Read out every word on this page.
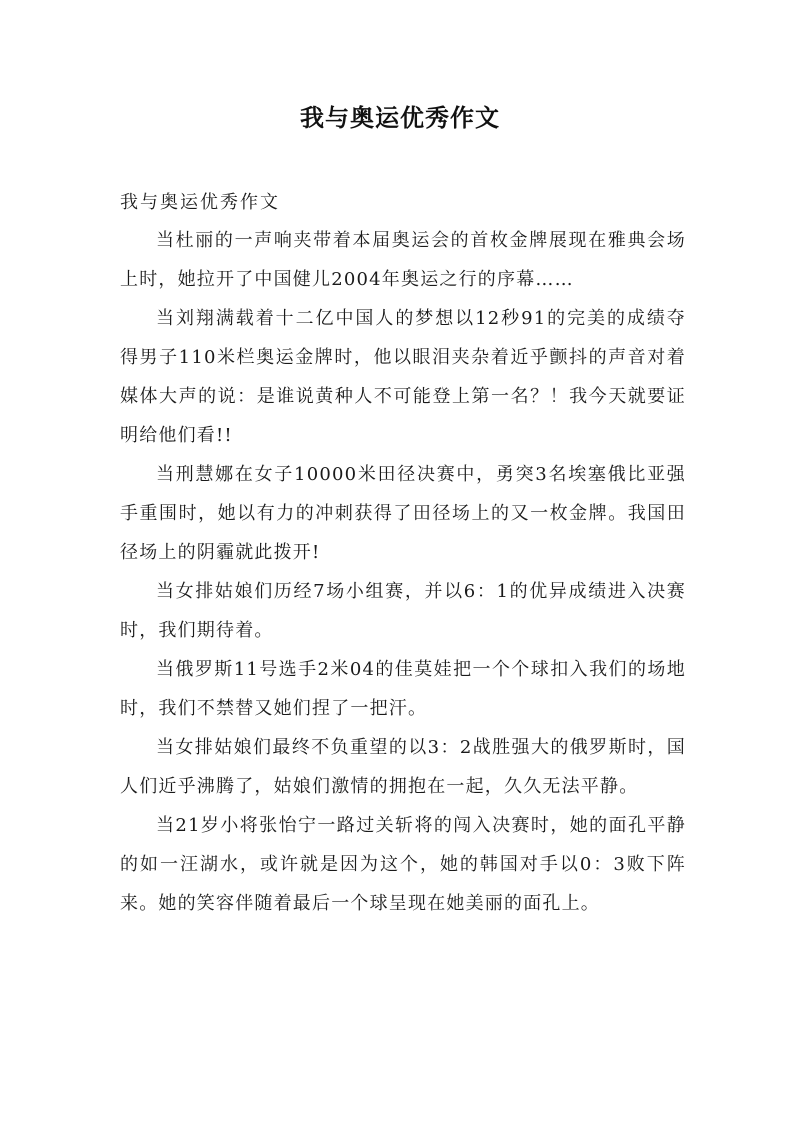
我与奥运优秀作文

我与奥运优秀作文

当杜丽的一声响夹带着本届奥运会的首枚金牌展现在雅典会场上时，她拉开了中国健儿2004年奥运之行的序幕……

当刘翔满载着十二亿中国人的梦想以12秒91的完美的成绩夺得男子110米栏奥运金牌时，他以眼泪夹杂着近乎颤抖的声音对着媒体大声的说：是谁说黄种人不可能登上第一名？！我今天就要证明给他们看!!

当刑慧娜在女子10000米田径决赛中，勇突3名埃塞俄比亚强手重围时，她以有力的冲刺获得了田径场上的又一枚金牌。我国田径场上的阴霾就此拨开!

当女排姑娘们历经7场小组赛，并以6：1的优异成绩进入决赛时，我们期待着。

当俄罗斯11号选手2米04的佳莫娃把一个个球扣入我们的场地时，我们不禁替又她们捏了一把汗。

当女排姑娘们最终不负重望的以3：2战胜强大的俄罗斯时，国人们近乎沸腾了，姑娘们激情的拥抱在一起，久久无法平静。

当21岁小将张怡宁一路过关斩将的闯入决赛时，她的面孔平静的如一汪湖水，或许就是因为这个，她的韩国对手以0：3败下阵来。她的笑容伴随着最后一个球呈现在她美丽的面孔上。
